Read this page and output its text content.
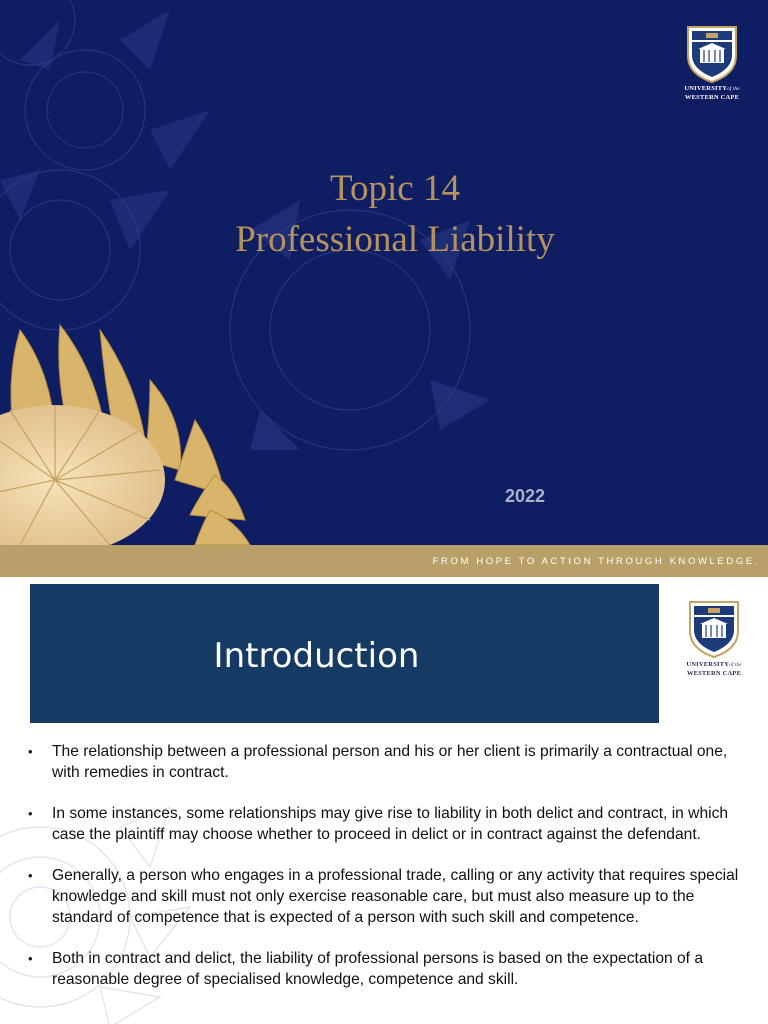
UNIVERSITYof the
WESTERN CAPE
Topic 14
Professional Liability
2022
FROM HOPE TO ACTION THROUGH KNOWLEDGE.
Introduction	UNIVERSITYof the
WESTERN CAPE
• The relationship between a professional person and his or her client is primarily a contractual one, with remedies in contract.
• In some instances, some relationships may give rise to liability in both delict and contract, in which case the plaintiff may choose whether to proceed in delict or in contract against the defendant.
• Generally, a person who engages in a professional trade, calling or any activity that requires special knowledge and skill must not only exercise reasonable care, but must also measure up to the standard of competence that is expected of a person with such skill and competence.
• Both in contract and delict, the liability of professional persons is based on the expectation of a reasonable degree of specialised knowledge, competence and skill.
